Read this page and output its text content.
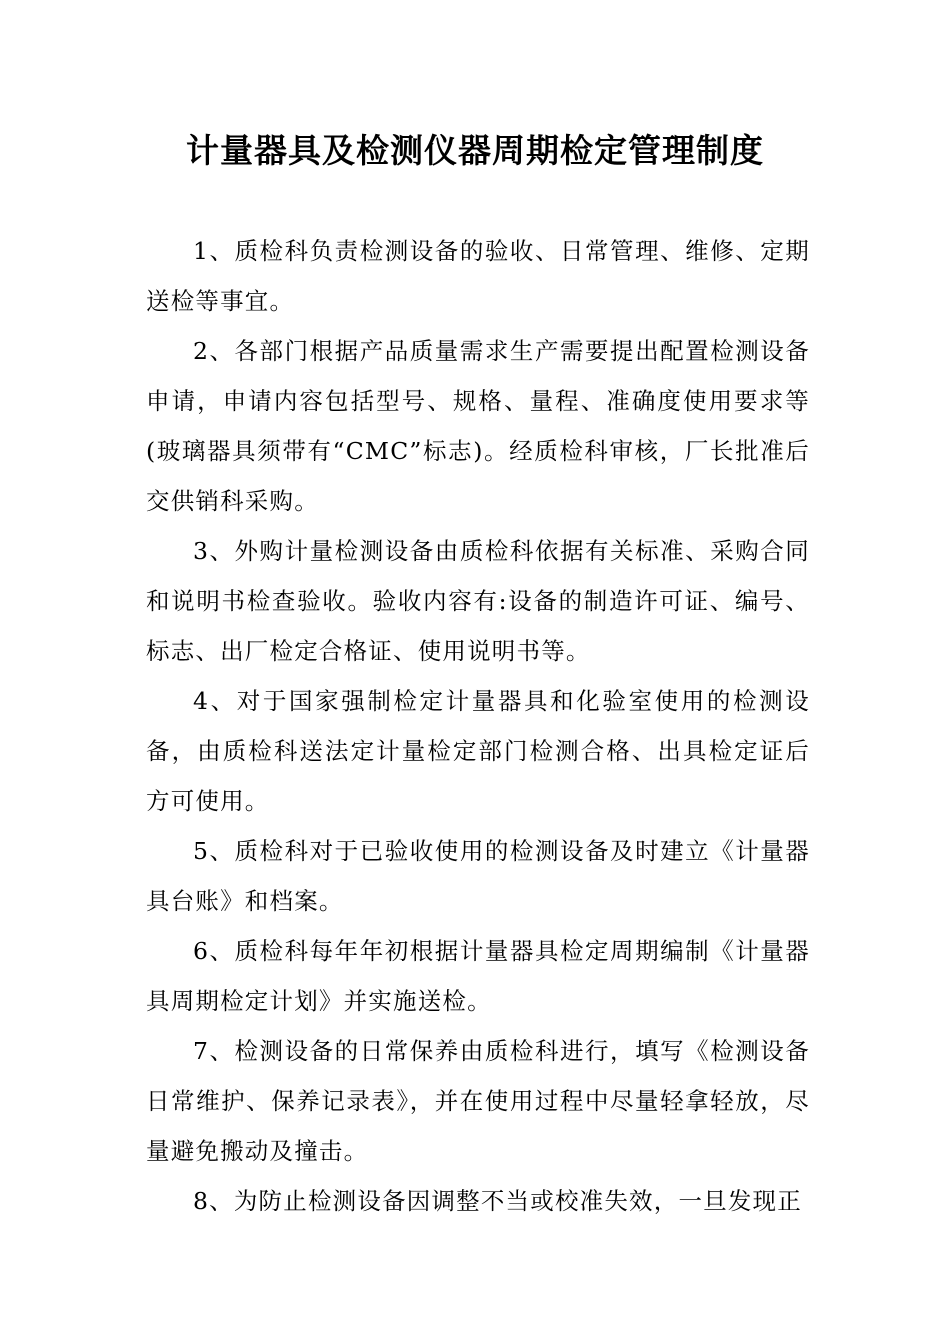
计量器具及检测仪器周期检定管理制度

1、质检科负责检测设备的验收、日常管理、维修、定期送检等事宜。

2、各部门根据产品质量需求生产需要提出配置检测设备申请，申请内容包括型号、规格、量程、准确度使用要求等(玻璃器具须带有“CMC”标志)。经质检科审核，厂长批准后交供销科采购。

3、外购计量检测设备由质检科依据有关标准、采购合同和说明书检查验收。验收内容有:设备的制造许可证、编号、标志、出厂检定合格证、使用说明书等。

4、对于国家强制检定计量器具和化验室使用的检测设备，由质检科送法定计量检定部门检测合格、出具检定证后方可使用。

5、质检科对于已验收使用的检测设备及时建立《计量器具台账》和档案。

6、质检科每年年初根据计量器具检定周期编制《计量器具周期检定计划》并实施送检。

7、检测设备的日常保养由质检科进行，填写《检测设备日常维护、保养记录表》，并在使用过程中尽量轻拿轻放，尽量避免搬动及撞击。

8、为防止检测设备因调整不当或校准失效，一旦发现正
